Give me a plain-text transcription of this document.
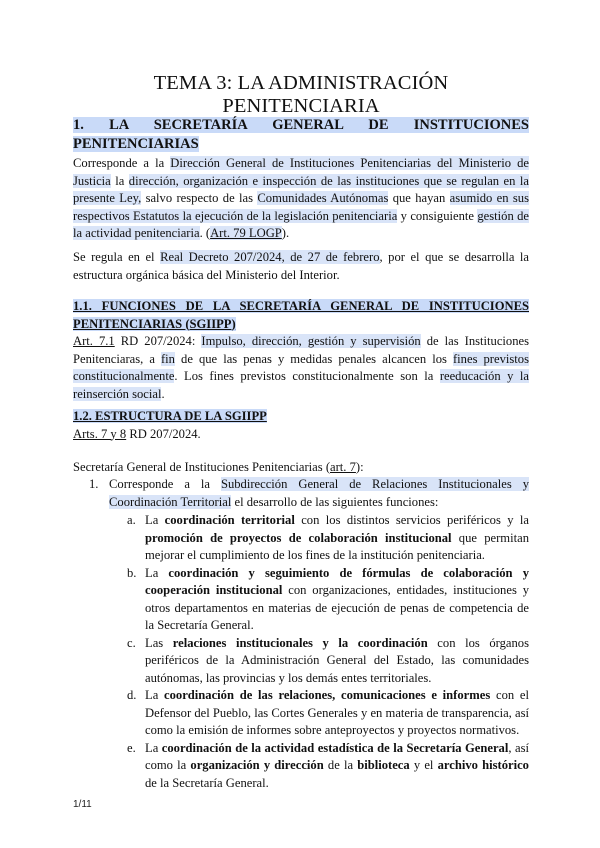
TEMA 3: LA ADMINISTRACIÓN PENITENCIARIA
1. LA SECRETARÍA GENERAL DE INSTITUCIONES PENITENCIARIAS

Corresponde a la Dirección General de Instituciones Penitenciarias del Ministerio de Justicia la dirección, organización e inspección de las instituciones que se regulan en la presente Ley, salvo respecto de las Comunidades Autónomas que hayan asumido en sus respectivos Estatutos la ejecución de la legislación penitenciaria y consiguiente gestión de la actividad penitenciaria. (Art. 79 LOGP).

Se regula en el Real Decreto 207/2024, de 27 de febrero, por el que se desarrolla la estructura orgánica básica del Ministerio del Interior.

1.1. FUNCIONES DE LA SECRETARÍA GENERAL DE INSTITUCIONES PENITENCIARIAS (SGIIPP)

Art. 7.1 RD 207/2024: Impulso, dirección, gestión y supervisión de las Instituciones Penitenciaras, a fin de que las penas y medidas penales alcancen los fines previstos constitucionalmente. Los fines previstos constitucionalmente son la reeducación y la reinserción social.

1.2. ESTRUCTURA DE LA SGIIPP

Arts. 7 y 8 RD 207/2024.

Secretaría General de Instituciones Penitenciarias (art. 7):

1. Corresponde a la Subdirección General de Relaciones Institucionales y Coordinación Territorial el desarrollo de las siguientes funciones:

a. La coordinación territorial con los distintos servicios periféricos y la promoción de proyectos de colaboración institucional que permitan mejorar el cumplimiento de los fines de la institución penitenciaria.

b. La coordinación y seguimiento de fórmulas de colaboración y cooperación institucional con organizaciones, entidades, instituciones y otros departamentos en materias de ejecución de penas de competencia de la Secretaría General.

c. Las relaciones institucionales y la coordinación con los órganos periféricos de la Administración General del Estado, las comunidades autónomas, las provincias y los demás entes territoriales.

d. La coordinación de las relaciones, comunicaciones e informes con el Defensor del Pueblo, las Cortes Generales y en materia de transparencia, así como la emisión de informes sobre anteproyectos y proyectos normativos.

e. La coordinación de la actividad estadística de la Secretaría General, así como la organización y dirección de la biblioteca y el archivo histórico de la Secretaría General.

1/11
